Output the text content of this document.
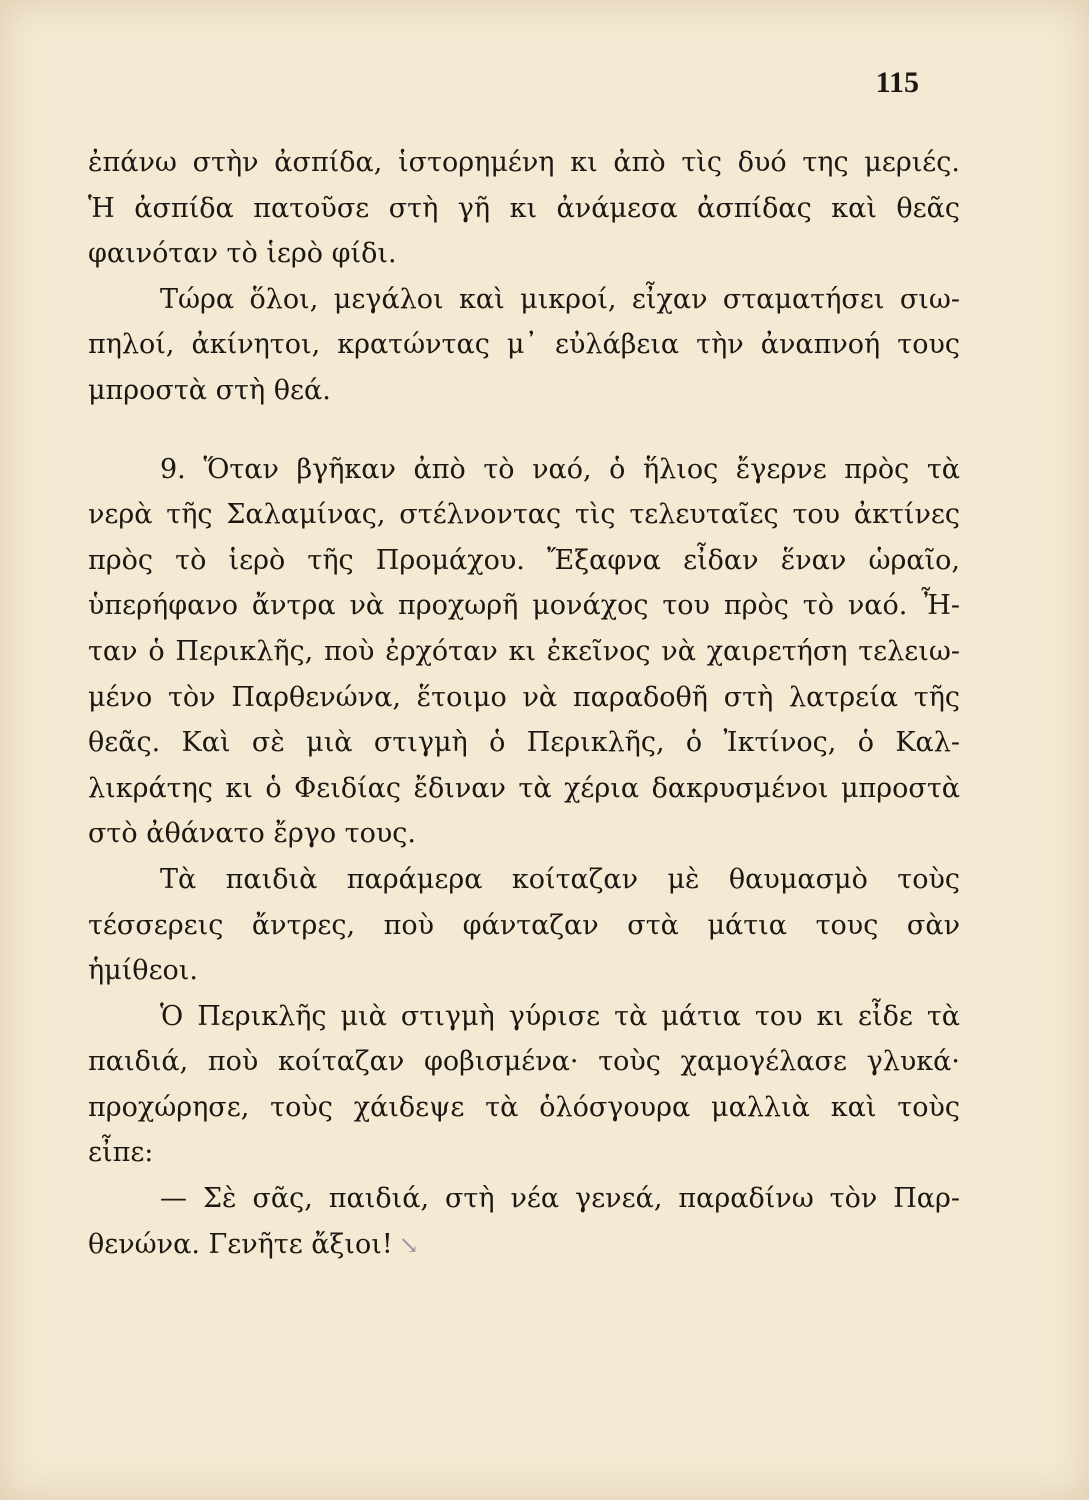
115
ἐπάνω στὴν ἀσπίδα, ἱστορημένη κι ἀπὸ τὶς δυό της μεριές.
Ἡ ἀσπίδα πατοῦσε στὴ γῆ κι ἀνάμεσα ἀσπίδας καὶ θεᾶς
φαινόταν τὸ ἱερὸ φίδι.
Τώρα ὅλοι, μεγάλοι καὶ μικροί, εἶχαν σταματήσει σιω-
πηλοί, ἀκίνητοι, κρατώντας μ᾽ εὐλάβεια τὴν ἀναπνοή τους
μπροστὰ στὴ θεά.
9. Ὅταν βγῆκαν ἀπὸ τὸ ναό, ὁ ἥλιος ἔγερνε πρὸς τὰ
νερὰ τῆς Σαλαμίνας, στέλνοντας τὶς τελευταῖες του ἀκτίνες
πρὸς τὸ ἱερὸ τῆς Προμάχου. Ἔξαφνα εἶδαν ἕναν ὡραῖο,
ὑπερήφανο ἄντρα νὰ προχωρῆ μονάχος του πρὸς τὸ ναό. Ἦ-
ταν ὁ Περικλῆς, ποὺ ἐρχόταν κι ἐκεῖνος νὰ χαιρετήση τελειω-
μένο τὸν Παρθενώνα, ἕτοιμο νὰ παραδοθῆ στὴ λατρεία τῆς
θεᾶς. Καὶ σὲ μιὰ στιγμὴ ὁ Περικλῆς, ὁ Ἰκτίνος, ὁ Καλ-
λικράτης κι ὁ Φειδίας ἔδιναν τὰ χέρια δακρυσμένοι μπροστὰ
στὸ ἀθάνατο ἔργο τους.
Τὰ παιδιὰ παράμερα κοίταζαν μὲ θαυμασμὸ τοὺς
τέσσερεις ἄντρες, ποὺ φάνταζαν στὰ μάτια τους σὰν
ἡμίθεοι.
Ὁ Περικλῆς μιὰ στιγμὴ γύρισε τὰ μάτια του κι εἶδε τὰ
παιδιά, ποὺ κοίταζαν φοβισμένα· τοὺς χαμογέλασε γλυκά·
προχώρησε, τοὺς χάιδεψε τὰ ὁλόσγουρα μαλλιὰ καὶ τοὺς
εἶπε:
— Σὲ σᾶς, παιδιά, στὴ νέα γενεά, παραδίνω τὸν Παρ-
θενώνα. Γενῆτε ἄξιοι! ↘
